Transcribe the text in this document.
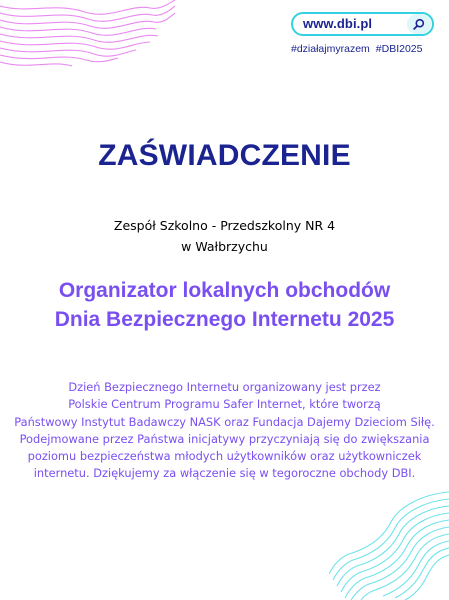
www.dbi.pl
#działajmyrazem #DBI2025
ZAŚWIADCZENIE
Zespół Szkolno - Przedszkolny NR 4
w Wałbrzychu
Organizator lokalnych obchodów
Dnia Bezpiecznego Internetu 2025
Dzień Bezpiecznego Internetu organizowany jest przez
Polskie Centrum Programu Safer Internet, które tworzą
Państwowy Instytut Badawczy NASK oraz Fundacja Dajemy Dzieciom Siłę.
Podejmowane przez Państwa inicjatywy przyczyniają się do zwiększania
poziomu bezpieczeństwa młodych użytkowników oraz użytkowniczek
internetu. Dziękujemy za włączenie się w tegoroczne obchody DBI.
